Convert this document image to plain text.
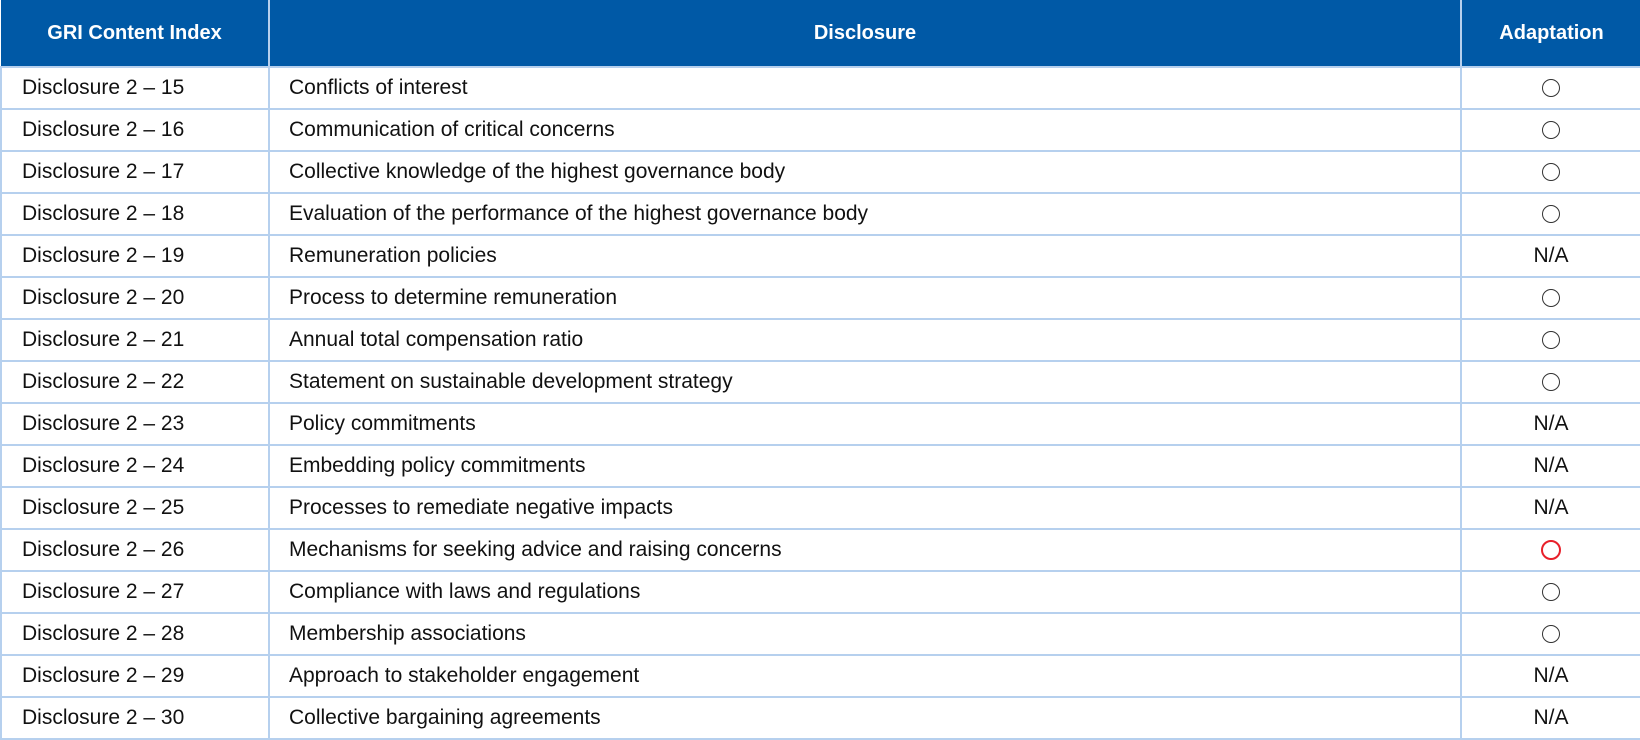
GRI Content Index	Disclosure	Adaptation
Disclosure 2 – 15	Conflicts of interest	
Disclosure 2 – 16	Communication of critical concerns	
Disclosure 2 – 17	Collective knowledge of the highest governance body	
Disclosure 2 – 18	Evaluation of the performance of the highest governance body	
Disclosure 2 – 19	Remuneration policies	N/A
Disclosure 2 – 20	Process to determine remuneration	
Disclosure 2 – 21	Annual total compensation ratio	
Disclosure 2 – 22	Statement on sustainable development strategy	
Disclosure 2 – 23	Policy commitments	N/A
Disclosure 2 – 24	Embedding policy commitments	N/A
Disclosure 2 – 25	Processes to remediate negative impacts	N/A
Disclosure 2 – 26	Mechanisms for seeking advice and raising concerns	
Disclosure 2 – 27	Compliance with laws and regulations	
Disclosure 2 – 28	Membership associations	
Disclosure 2 – 29	Approach to stakeholder engagement	N/A
Disclosure 2 – 30	Collective bargaining agreements	N/A
